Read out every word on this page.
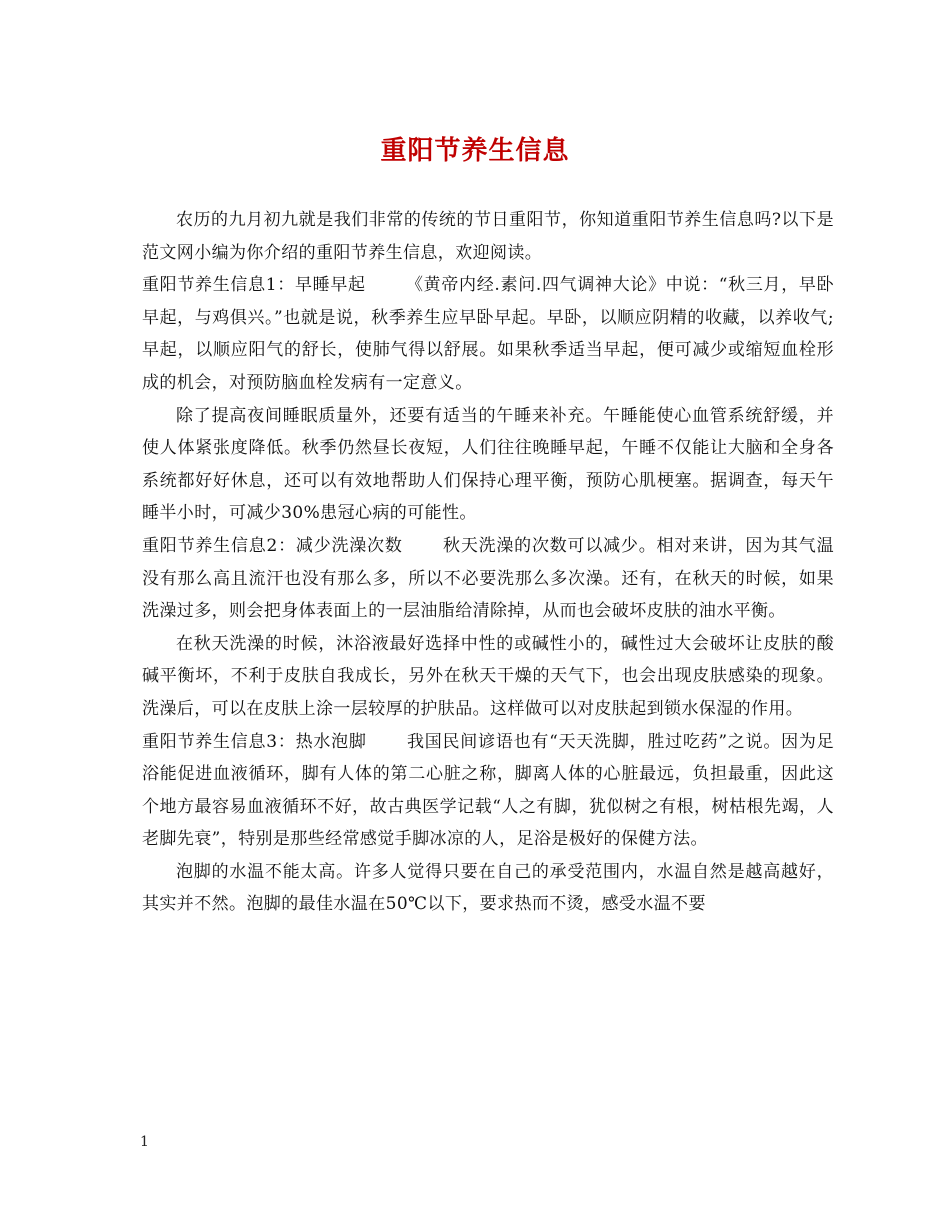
重阳节养生信息

农历的九月初九就是我们非常的传统的节日重阳节，你知道重阳节养生信息吗?以下是范文网小编为你介绍的重阳节养生信息，欢迎阅读。

重阳节养生信息1：早睡早起 《黄帝内经.素问.四气调神大论》中说：“秋三月，早卧早起，与鸡俱兴。”也就是说，秋季养生应早卧早起。早卧，以顺应阴精的收藏，以养收气;早起，以顺应阳气的舒长，使肺气得以舒展。如果秋季适当早起，便可减少或缩短血栓形成的机会，对预防脑血栓发病有一定意义。

除了提高夜间睡眠质量外，还要有适当的午睡来补充。午睡能使心血管系统舒缓，并使人体紧张度降低。秋季仍然昼长夜短，人们往往晚睡早起，午睡不仅能让大脑和全身各系统都好好休息，还可以有效地帮助人们保持心理平衡，预防心肌梗塞。据调查，每天午睡半小时，可减少30%患冠心病的可能性。

重阳节养生信息2：减少洗澡次数 秋天洗澡的次数可以减少。相对来讲，因为其气温没有那么高且流汗也没有那么多，所以不必要洗那么多次澡。还有，在秋天的时候，如果洗澡过多，则会把身体表面上的一层油脂给清除掉，从而也会破坏皮肤的油水平衡。

在秋天洗澡的时候，沐浴液最好选择中性的或碱性小的，碱性过大会破坏让皮肤的酸碱平衡坏，不利于皮肤自我成长，另外在秋天干燥的天气下，也会出现皮肤感染的现象。洗澡后，可以在皮肤上涂一层较厚的护肤品。这样做可以对皮肤起到锁水保湿的作用。

重阳节养生信息3：热水泡脚 我国民间谚语也有“天天洗脚，胜过吃药”之说。因为足浴能促进血液循环，脚有人体的第二心脏之称，脚离人体的心脏最远，负担最重，因此这个地方最容易血液循环不好，故古典医学记载“人之有脚，犹似树之有根，树枯根先竭，人老脚先衰”，特别是那些经常感觉手脚冰凉的人，足浴是极好的保健方法。

泡脚的水温不能太高。许多人觉得只要在自己的承受范围内，水温自然是越高越好，其实并不然。泡脚的最佳水温在50℃以下，要求热而不烫，感受水温不要

1
